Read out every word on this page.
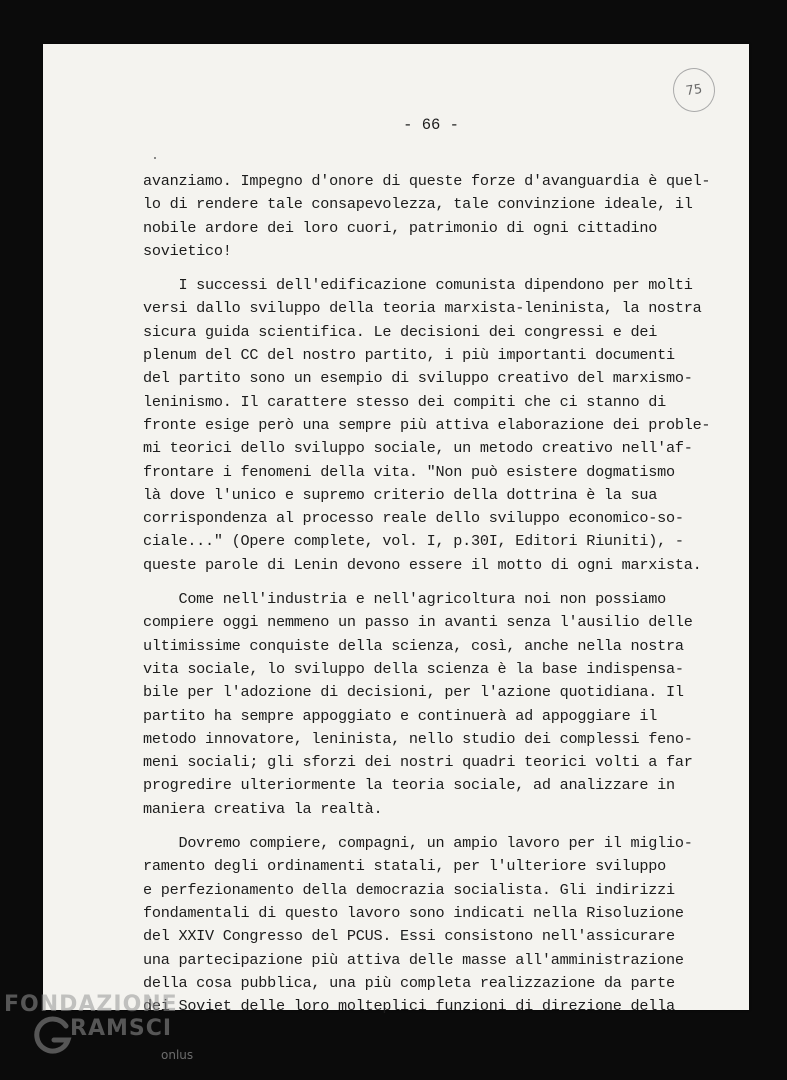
75
- 66 -
avanziamo. Impegno d'onore di queste forze d'avanguardia è quel-
lo di rendere tale consapevolezza, tale convinzione ideale, il
nobile ardore dei loro cuori, patrimonio di ogni cittadino
sovietico!
I successi dell'edificazione comunista dipendono per molti
versi dallo sviluppo della teoria marxista-leninista, la nostra
sicura guida scientifica. Le decisioni dei congressi e dei
plenum del CC del nostro partito, i più importanti documenti
del partito sono un esempio di sviluppo creativo del marxismo-
leninismo. Il carattere stesso dei compiti che ci stanno di
fronte esige però una sempre più attiva elaborazione dei proble-
mi teorici dello sviluppo sociale, un metodo creativo nell'af-
frontare i fenomeni della vita. "Non può esistere dogmatismo
là dove l'unico e supremo criterio della dottrina è la sua
corrispondenza al processo reale dello sviluppo economico-so-
ciale..." (Opere complete, vol. I, p.30I, Editori Riuniti), -
queste parole di Lenin devono essere il motto di ogni marxista.
Come nell'industria e nell'agricoltura noi non possiamo
compiere oggi nemmeno un passo in avanti senza l'ausilio delle
ultimissime conquiste della scienza, così, anche nella nostra
vita sociale, lo sviluppo della scienza è la base indispensa-
bile per l'adozione di decisioni, per l'azione quotidiana. Il
partito ha sempre appoggiato e continuerà ad appoggiare il
metodo innovatore, leninista, nello studio dei complessi feno-
meni sociali; gli sforzi dei nostri quadri teorici volti a far
progredire ulteriormente la teoria sociale, ad analizzare in
maniera creativa la realtà.
Dovremo compiere, compagni, un ampio lavoro per il miglio-
ramento degli ordinamenti statali, per l'ulteriore sviluppo
e perfezionamento della democrazia socialista. Gli indirizzi
fondamentali di questo lavoro sono indicati nella Risoluzione
del XXIV Congresso del PCUS. Essi consistono nell'assicurare
una partecipazione più attiva delle masse all'amministrazione
della cosa pubblica, una più completa realizzazione da parte
dei Soviet delle loro molteplici funzioni di direzione della
FONDAZIONE
RAMSCI
onlus
